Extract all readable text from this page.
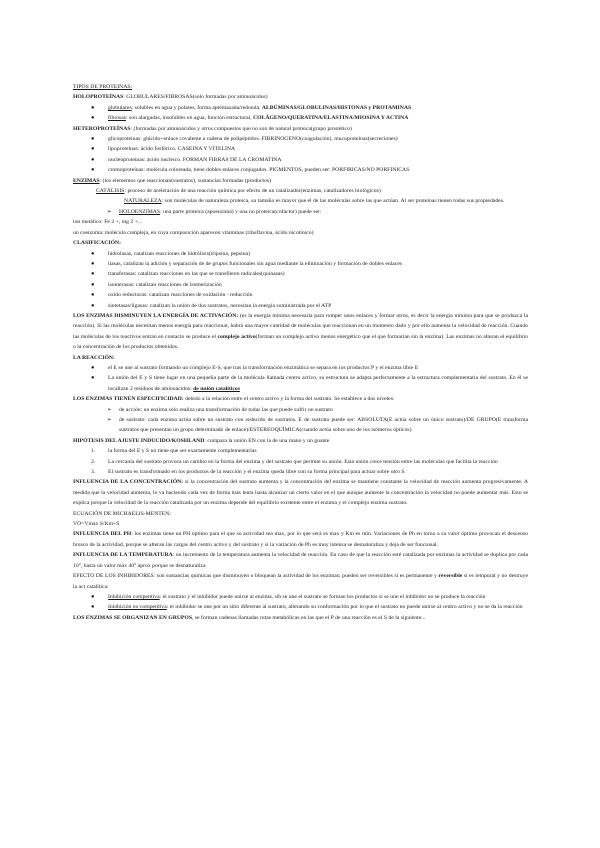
TIPOS DE PROTEINAS:

HOLOPROTEÍNAS: GLOBULARES/FIBROSAS(solo formadas por aminoácidos)

● globulares: solubles en agua y polares, forma apelmazada/redonda. ALBÚMINAS/GLOBULINAS/HISTONAS y PROTAMINAS
● fibrosas: son alargadas, insolubles en agua, función estructural, COLÁGENO/QUERATINA/ELASTINA/MIOSINA Y ACTINA

HETEROPROTEÍNAS: (formadas por aminoácidos y otros compuestos que no son de natural proteica(grupo prostético)

● glicoproteínas: glúcido+enlace covalente a cadena de polipéptidos. FIBRINOGENO(coagulación), mucoproteínas(secreciones)
● lipoproteínas: ácido fosfórico. CASEINA Y VITELINA
● nucleoproteínas: ácido nucleico. FORMAN FIBRAS DE LA CROMATINA
● cromoproteínas: molécula coloreada, tiene dobles enlaces conjugados. PIGMENTOS, pueden ser: PORFIRICAS/NO PORFINICAS

ENZIMAS: (los elementos que reaccionan(sustratos), sustancias formadas (productos)

CATÁLISIS: proceso de aceleración de una reacción química por efecto de un catalizador(enzimas, catalizadores biológicos)

NATURALEZA: son moléculas de naturaleza proteica, su tamaño es mayor que el de las moléculas sobre las que actúan. Al ser proteínas tienen todas sus propiedades.

➢ HOLOENZIMAS: una parte proteica (apoenzima) y una no proteica(cofactor) puede ser:

ion metálico: Fe 2 +, mg 2 +...

un coenzima: molécula compleja, en cuya composición aparecen vitaminas (riboflavina, ácido nicotínico)

CLASIFICACIÓN:

● hidrolasas, catalizan reacciones de hidrólisis(tripsina, pepsina)
● liasas, catalizan la adición y separación de de grupos funcionales sin agua mediante la eliminación y formación de dobles enlaces
● transferasas: catalizan reacciones en las que se transfieren radicales(quinasas)
● isomerasas: catalizan reacciones de isomerización
● oxido reductoras: catalizan reacciones de oxidación - reducción
● sintetasas/ligasas: catalizan la unión de dos sustratos, necesitan la energía suministrada por el ATP

LOS ENZIMAS DISMINUYEN LA ENERGÍA DE ACTIVACIÓN: (es la energía mínima necesaria para romper unos enlaces y formar otros, es decir la energía mínima para que se produzca la reacción). Si las moléculas necesitan menos energía para reaccionar, habrá una mayor cantidad de moléculas que reaccionan en un momento dado y por ello aumenta la velocidad de reacción. Cuando las moléculas de los reactivos entran en contacto se produce el complejo activo(forman un complejo activo menos energético que el que formarían sin la enzima). Las enzimas no alteran el equilibrio o la concentración de los productos obtenidos.

LA REACCIÓN:

● el E se une al sustrato formando un complejo E-S, que tras la transformación enzimática se separa en los productos P y el enzima libre E
● La unión del E y S tiene lugar en una pequeña parte de la molécula llamada centro activo, su estructura se adapta perfectamente a la estructura complementaria del sustrato. En él se localizan 2 residuos de aminoácidos: de unión catalíticos

LOS ENZIMAS TIENEN ESPECIFICIDAD: debido a la relación entre el centro activo y la forma del sustrato. Se establece a dos niveles:

➢ de acción: un enzima solo realiza una transformación de todas las que puede sufrir un sustrato

➢ de sustrato: cada enzima actúa sobre un sustrato con reducido de sustratos. E de sustrato puede ser: ABSOLUTA(E actúa sobre un único sustrato)/DE GRUPO(E transforma sustratos que presentan un grupo determinado de enlace)/ESTEREOQUÍMICA(cuando actúa sobre uno de los isómeros ópticos)

HIPÓTESIS DEL AJUSTE INDUCIDO/KOSHLAND: compara la unión EN con la de una mano y un guante

1. la forma del E y S no tiene que ser exactamente complementarias
2. La cercanía del sustrato provoca un cambio en la forma del enzima y del sustrato que permite su unión. Esta unión crece tensión entre las moléculas que facilita la reacción
3. El sustrato es transformado en los productos de la reacción y el enzima queda libre con su forma principal para actuar sobre otro S.

INFLUENCIA DE LA CONCENTRACIÓN: si la concentración del sustrato aumenta y la concentración del enzima se mantiene constante la velocidad de reacción aumenta progresivamente. A medida que la velocidad aumenta, lo va haciendo cada vez de forma más lenta hasta alcanzar un cierto valor en el que aunque aumente la concentración la velocidad no puede aumentar más. Esto se explica porque la velocidad de la reacción catalizada por un enzima depende del equilibrio existente entre el enzima y el complejo enzima sustrato.

ECUACIÓN DE MICHAELIS-MENTEN:

VO=Vmax S/Km+S

INFLUENCIA DEL PH: los enzimas tiene un PH óptimo para el que su actividad sea max, por lo que será es max y Km es mín. Variaciones de Ph en torno a su valor óptimo provocan el descenso brusco de la actividad, porque se alteran las cargas del centro activo y del sustrato y si la variación de Ph es muy intensa se desnaturaliza y deja de ser funcional.

INFLUENCIA DE LA TEMPERATURA: un incremento de la temperatura aumenta la velocidad de reacción. En caso de que la reacción esté catalizada por enzimas la actividad se duplica por cada 10°, hasta un valor máx 40° aprox porque se desnaturaliza

EFECTO DE LOS INHIBIDORES: son sustancias químicas que disminuyen o bloquean la actividad de los enzimas; pueden ser reversibles si es permanente y reversible si es temporal y no destruye la act catalítica:

● Inhibición competitiva: el sustrato y el inhibidor puede unirse al enzima, sih se une el sustrato se forman los productos si se une el inhibidor no se produce la reacción
● Inhibición no competitiva: el inhibidor se une por un sitio diferente al sustrato, alterando su conformación por lo que el sustrato no puede unirse al centro activo y no se da la reacción

LOS ENZIMAS SE ORGANIZAN EN GRUPOS, se forman cadenas llamadas rutas metabólicas en las que el P de una reacción es el S de la siguiente...
